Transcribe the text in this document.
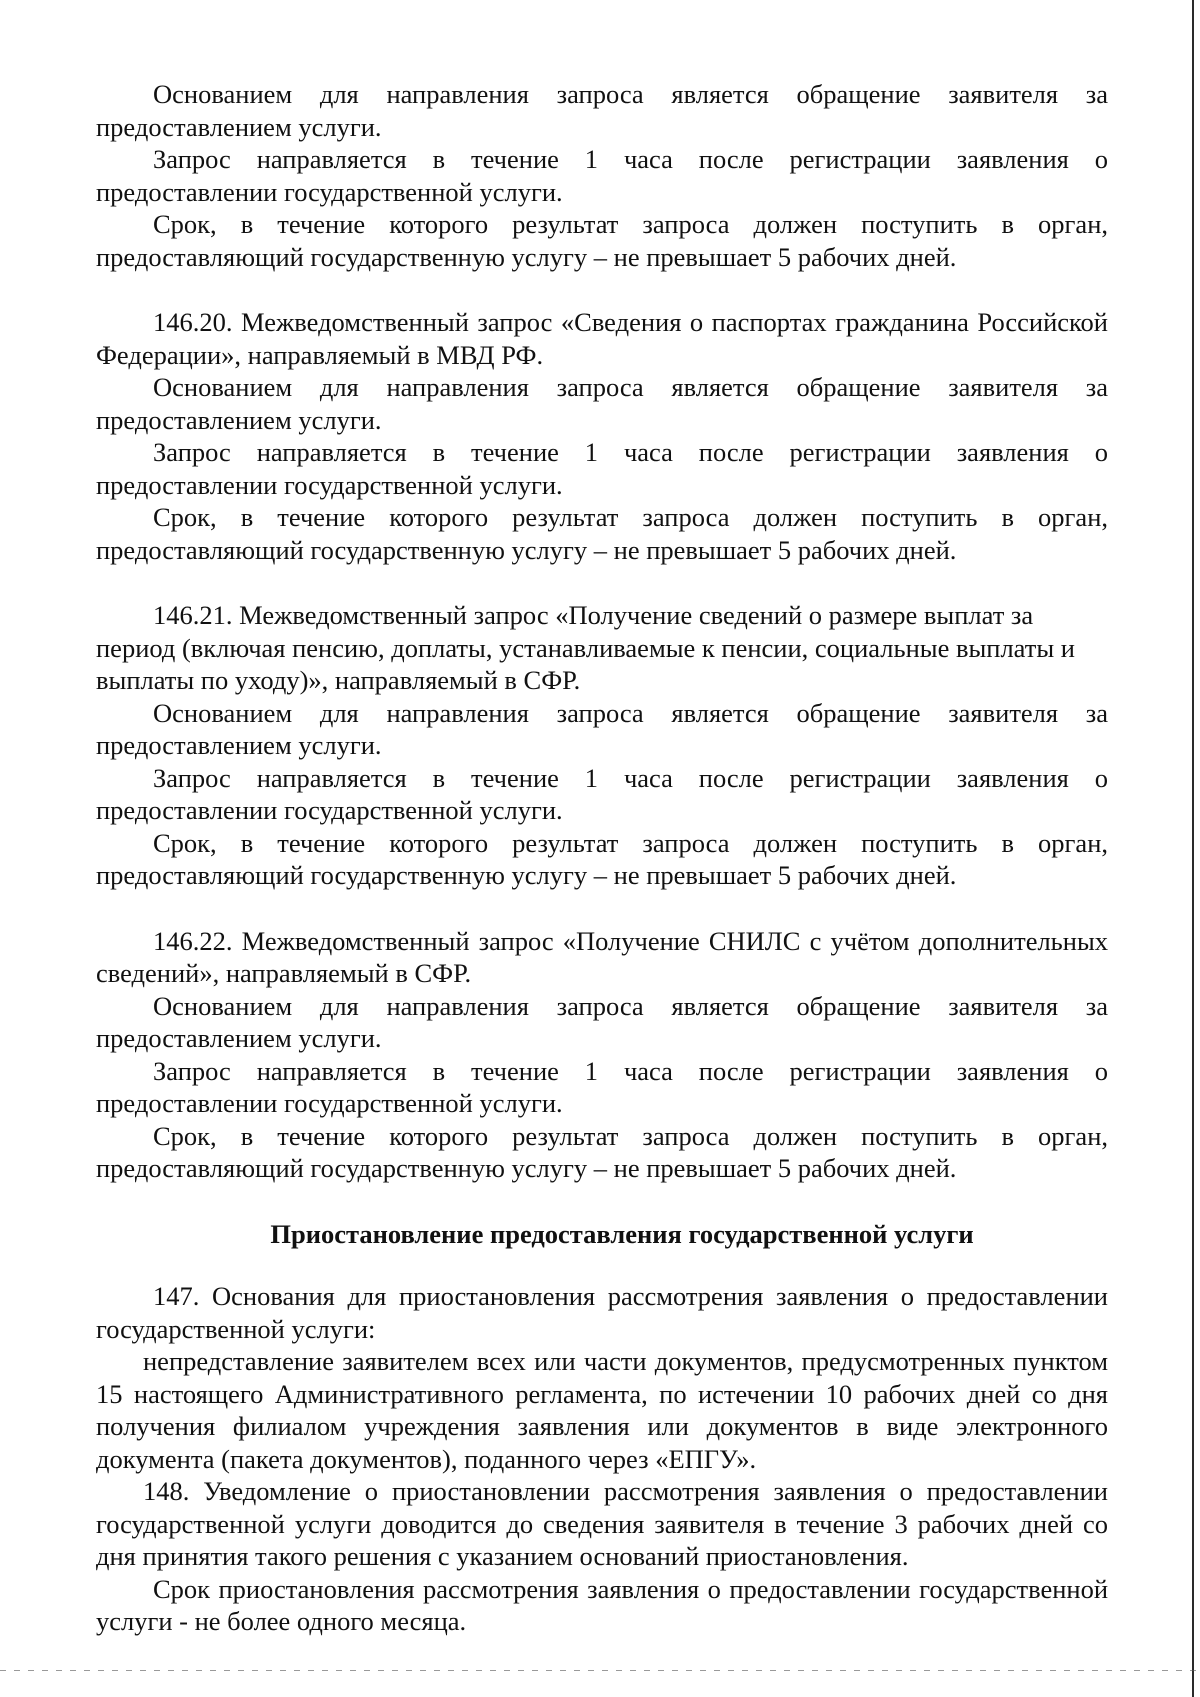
Основанием для направления запроса является обращение заявителя за предоставлением услуги.

Запрос направляется в течение 1 часа после регистрации заявления о предоставлении государственной услуги.

Срок, в течение которого результат запроса должен поступить в орган, предоставляющий государственную услугу – не превышает 5 рабочих дней.

146.20. Межведомственный запрос «Сведения о паспортах гражданина Российской Федерации», направляемый в МВД РФ.

Основанием для направления запроса является обращение заявителя за предоставлением услуги.

Запрос направляется в течение 1 часа после регистрации заявления о предоставлении государственной услуги.

Срок, в течение которого результат запроса должен поступить в орган, предоставляющий государственную услугу – не превышает 5 рабочих дней.

146.21. Межведомственный запрос «Получение сведений о размере выплат за период (включая пенсию, доплаты, устанавливаемые к пенсии, социальные выплаты и выплаты по уходу)», направляемый в СФР.

Основанием для направления запроса является обращение заявителя за предоставлением услуги.

Запрос направляется в течение 1 часа после регистрации заявления о предоставлении государственной услуги.

Срок, в течение которого результат запроса должен поступить в орган, предоставляющий государственную услугу – не превышает 5 рабочих дней.

146.22. Межведомственный запрос «Получение СНИЛС с учётом дополнительных сведений», направляемый в СФР.

Основанием для направления запроса является обращение заявителя за предоставлением услуги.

Запрос направляется в течение 1 часа после регистрации заявления о предоставлении государственной услуги.

Срок, в течение которого результат запроса должен поступить в орган, предоставляющий государственную услугу – не превышает 5 рабочих дней.

Приостановление предоставления государственной услуги

147. Основания для приостановления рассмотрения заявления о предоставлении государственной услуги:

непредставление заявителем всех или части документов, предусмотренных пунктом 15 настоящего Административного регламента, по истечении 10 рабочих дней со дня получения филиалом учреждения заявления или документов в виде электронного документа (пакета документов), поданного через «ЕПГУ».

148. Уведомление о приостановлении рассмотрения заявления о предоставлении государственной услуги доводится до сведения заявителя в течение 3 рабочих дней со дня принятия такого решения с указанием оснований приостановления.

Срок приостановления рассмотрения заявления о предоставлении государственной услуги - не более одного месяца.
